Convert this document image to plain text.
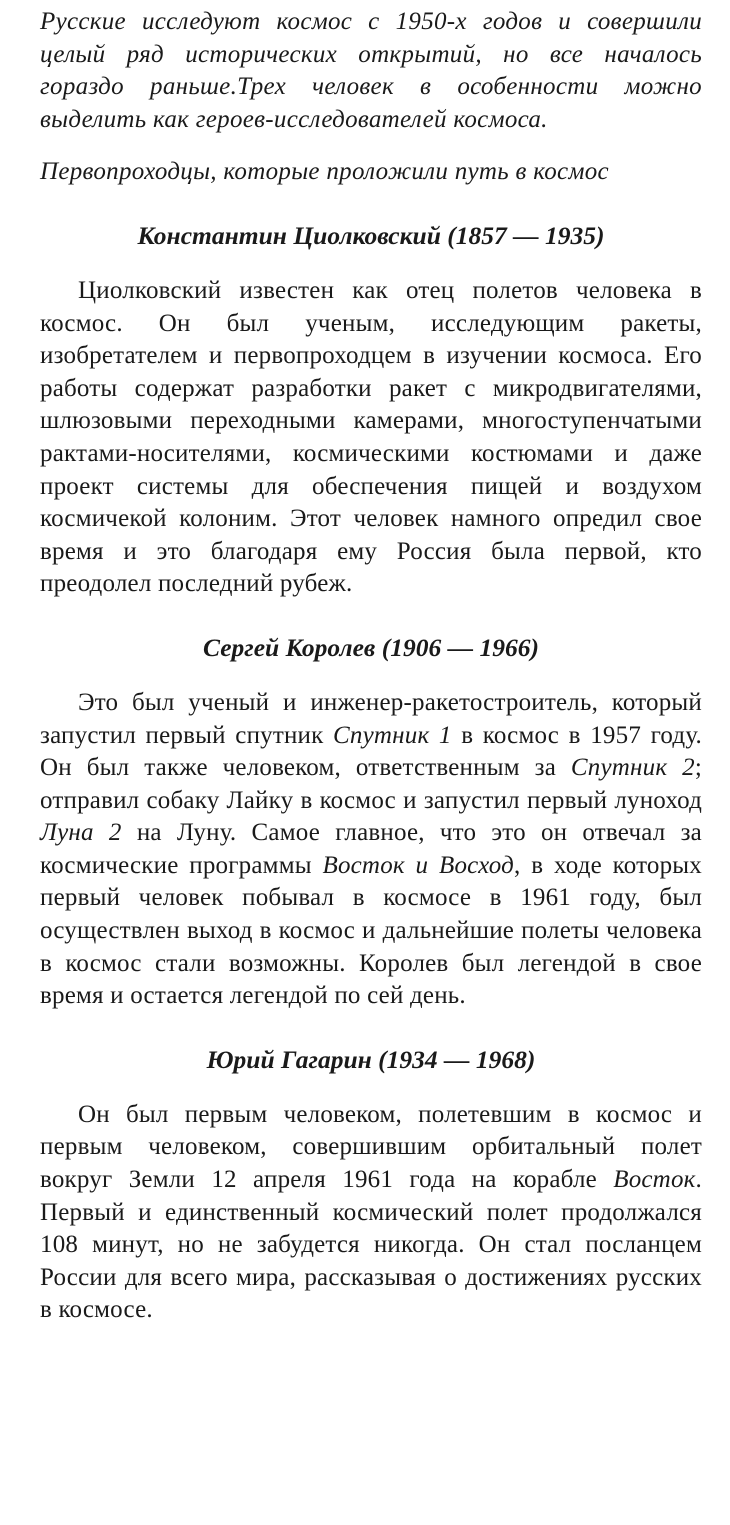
Русские исследуют космос с 1950-х годов и совершили целый ряд исторических открытий, но все началось гораздо раньше.Трех человек в особенности можно выделить как героев-исследователей космоса.

Первопроходцы, которые проложили путь в космос

Константин Циолковский (1857 — 1935)

Циолковский известен как отец полетов человека в космос. Он был ученым, исследующим ракеты, изобретателем и первопроходцем в изучении космоса. Его работы содержат разработки ракет с микродвигателями, шлюзовыми переходными камерами, многоступенчатыми рактами-носителями, космическими костюмами и даже проект системы для обеспечения пищей и воздухом космичекой колоним. Этот человек намного опредил свое время и это благодаря ему Россия была первой, кто преодолел последний рубеж.

Сергей Королев (1906 — 1966)

Это был ученый и инженер-ракетостроитель, который запустил первый спутник Спутник 1 в космос в 1957 году. Он был также человеком, ответственным за Спутник 2; отправил собаку Лайку в космос и запустил первый луноход Луна 2 на Луну. Самое главное, что это он отвечал за космические программы Восток и Восход, в ходе которых первый человек побывал в космосе в 1961 году, был осуществлен выход в космос и дальнейшие полеты человека в космос стали возможны. Королев был легендой в свое время и остается легендой по сей день.

Юрий Гагарин (1934 — 1968)

Он был первым человеком, полетевшим в космос и первым человеком, совершившим орбитальный полет вокруг Земли 12 апреля 1961 года на корабле Восток. Первый и единственный космический полет продолжался 108 минут, но не забудется никогда. Он стал посланцем России для всего мира, рассказывая о достижениях русских в космосе.
